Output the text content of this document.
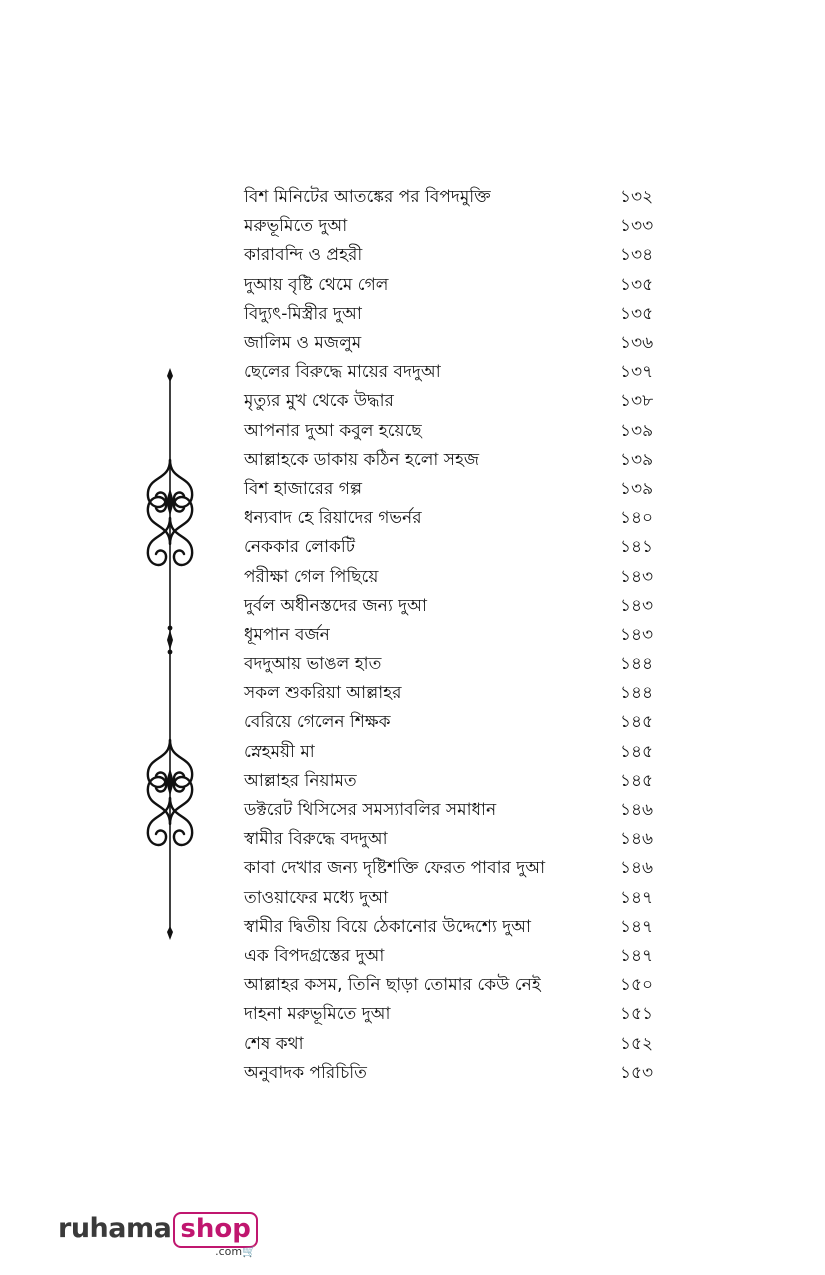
বিশ মিনিটের আতঙ্কের পর বিপদমুক্তি	১৩২
মরুভূমিতে দুআ	১৩৩
কারাবন্দি ও প্রহরী	১৩৪
দুআয় বৃষ্টি থেমে গেল	১৩৫
বিদ্যুৎ-মিস্ত্রীর দুআ	১৩৫
জালিম ও মজলুম	১৩৬
ছেলের বিরুদ্ধে মায়ের বদদুআ	১৩৭
মৃত্যুর মুখ থেকে উদ্ধার	১৩৮
আপনার দুআ কবুল হয়েছে	১৩৯
আল্লাহকে ডাকায় কঠিন হলো সহজ	১৩৯
বিশ হাজারের গল্প	১৩৯
ধন্যবাদ হে রিয়াদের গভর্নর	১৪০
নেককার লোকটি	১৪১
পরীক্ষা গেল পিছিয়ে	১৪৩
দুর্বল অধীনস্তদের জন্য দুআ	১৪৩
ধূমপান বর্জন	১৪৩
বদদুআয় ভাঙল হাত	১৪৪
সকল শুকরিয়া আল্লাহর	১৪৪
বেরিয়ে গেলেন শিক্ষক	১৪৫
স্নেহময়ী মা	১৪৫
আল্লাহর নিয়ামত	১৪৫
ডক্টরেট থিসিসের সমস্যাবলির সমাধান	১৪৬
স্বামীর বিরুদ্ধে বদদুআ	১৪৬
কাবা দেখার জন্য দৃষ্টিশক্তি ফেরত পাবার দুআ	১৪৬
তাওয়াফের মধ্যে দুআ	১৪৭
স্বামীর দ্বিতীয় বিয়ে ঠেকানোর উদ্দেশ্যে দুআ	১৪৭
এক বিপদগ্রস্তের দুআ	১৪৭
আল্লাহর কসম, তিনি ছাড়া তোমার কেউ নেই	১৫০
দাহনা মরুভূমিতে দুআ	১৫১
শেষ কথা	১৫২
অনুবাদক পরিচিতি	১৫৩
ruhama shop
.com🛒
